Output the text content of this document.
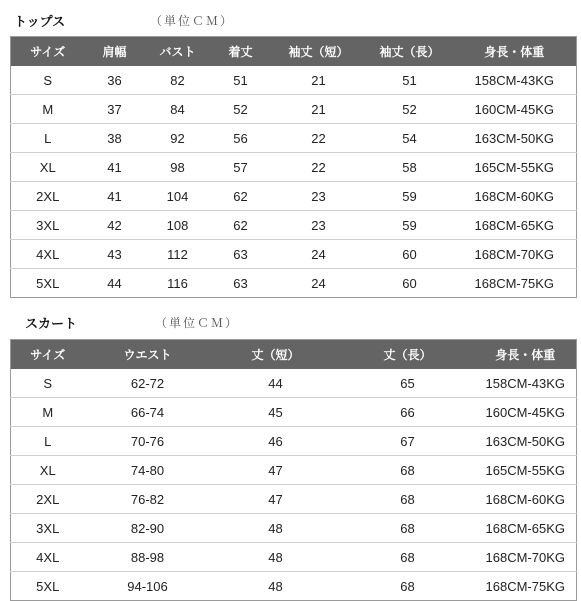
トップス	（単位ＣＭ）
サイズ	肩幅	バスト	着丈	袖丈（短）	袖丈（長）	身長・体重
S	36	82	51	21	51	158CM-43KG
M	37	84	52	21	52	160CM-45KG
L	38	92	56	22	54	163CM-50KG
XL	41	98	57	22	58	165CM-55KG
2XL	41	104	62	23	59	168CM-60KG
3XL	42	108	62	23	59	168CM-65KG
4XL	43	112	63	24	60	168CM-70KG
5XL	44	116	63	24	60	168CM-75KG
スカート	（単位ＣＭ）
サイズ	ウエスト	丈（短）	丈（長）	身長・体重
S	62-72	44	65	158CM-43KG
M	66-74	45	66	160CM-45KG
L	70-76	46	67	163CM-50KG
XL	74-80	47	68	165CM-55KG
2XL	76-82	47	68	168CM-60KG
3XL	82-90	48	68	168CM-65KG
4XL	88-98	48	68	168CM-70KG
5XL	94-106	48	68	168CM-75KG
